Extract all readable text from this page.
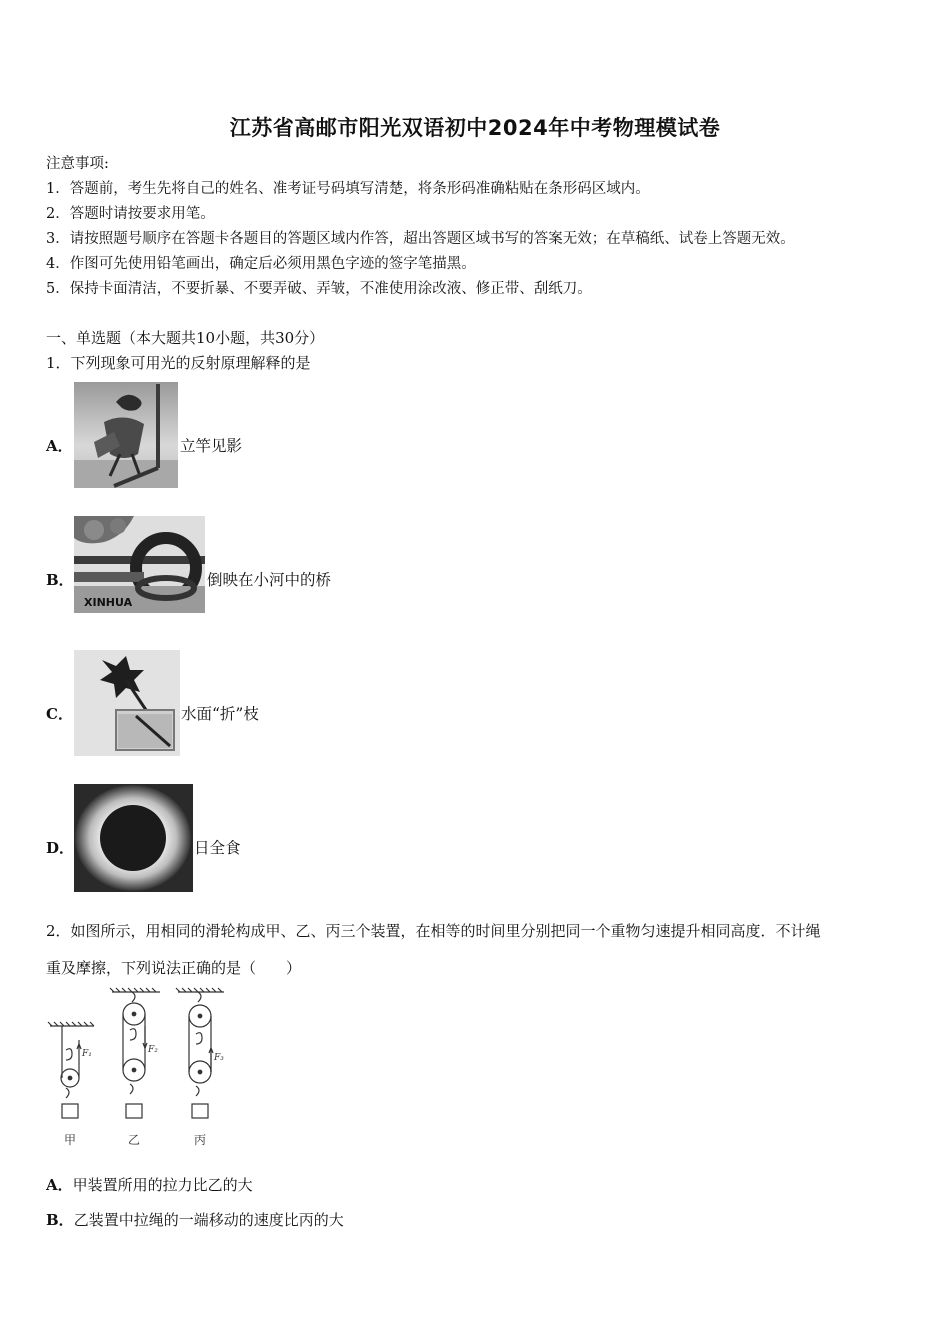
江苏省高邮市阳光双语初中2024年中考物理模试卷
注意事项:
1．答题前，考生先将自己的姓名、准考证号码填写清楚，将条形码准确粘贴在条形码区域内。
2．答题时请按要求用笔。
3．请按照题号顺序在答题卡各题目的答题区域内作答，超出答题区域书写的答案无效；在草稿纸、试卷上答题无效。
4．作图可先使用铅笔画出，确定后必须用黑色字迹的签字笔描黑。
5．保持卡面清洁，不要折暴、不要弄破、弄皱，不准使用涂改液、修正带、刮纸刀。
一、单选题（本大题共10小题，共30分）
1．下列现象可用光的反射原理解释的是
A．	立竿见影
B．
XINHUA
倒映在小河中的桥
C．	水面“折”枝
D．	日全食
2．如图所示，用相同的滑轮构成甲、乙、丙三个装置，在相等的时间里分别把同一个重物匀速提升相同高度．不计绳
重及摩擦，下列说法正确的是（　　）
F₁	F₂
F₃
甲	乙	丙
A．甲装置所用的拉力比乙的大
B．乙装置中拉绳的一端移动的速度比丙的大
